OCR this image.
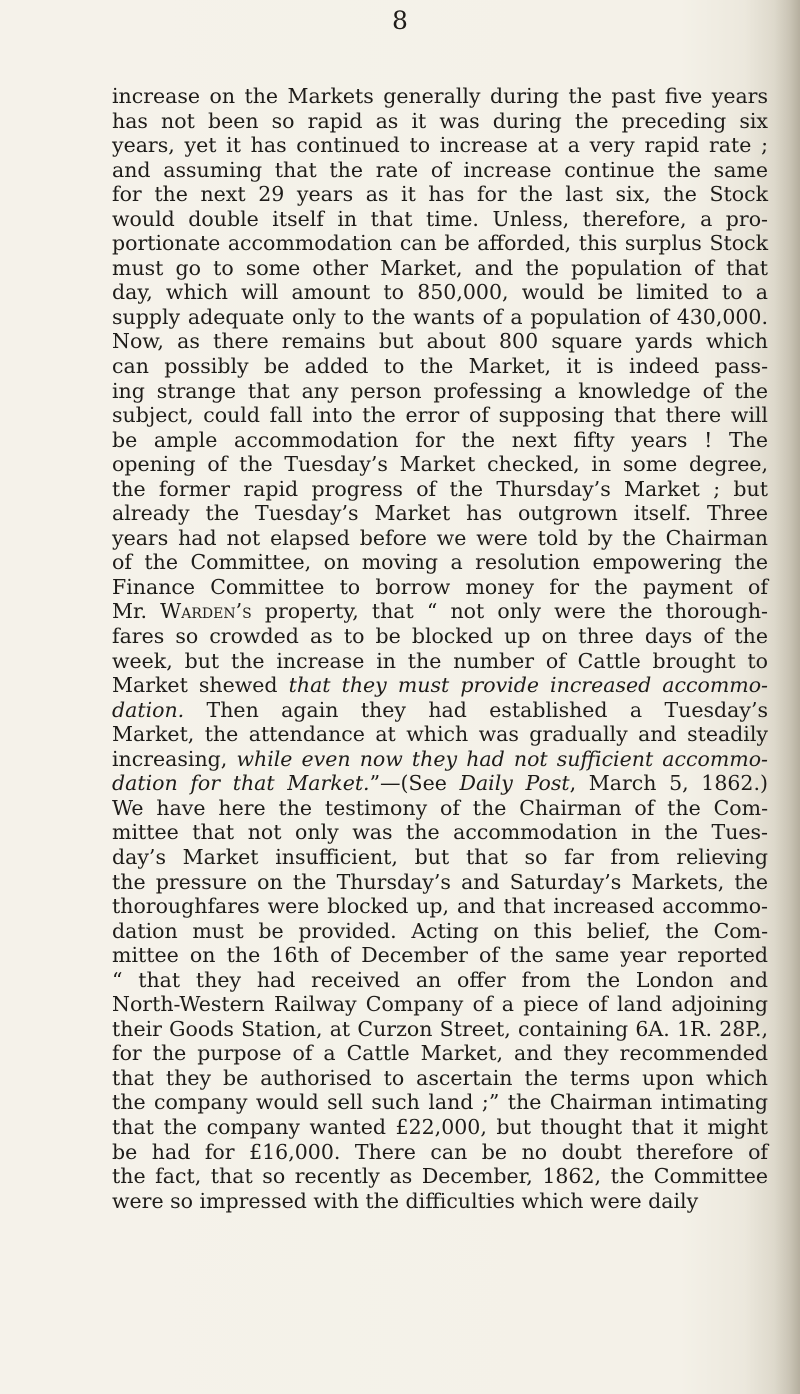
8
increase on the Markets generally during the past five years
has not been so rapid as it was during the preceding six
years, yet it has continued to increase at a very rapid rate ;
and assuming that the rate of increase continue the same
for the next 29 years as it has for the last six, the Stock
would double itself in that time. Unless, therefore, a pro-
portionate accommodation can be afforded, this surplus Stock
must go to some other Market, and the population of that
day, which will amount to 850,000, would be limited to a
supply adequate only to the wants of a population of 430,000.
Now, as there remains but about 800 square yards which
can possibly be added to the Market, it is indeed pass-
ing strange that any person professing a knowledge of the
subject, could fall into the error of supposing that there will
be ample accommodation for the next fifty years ! The
opening of the Tuesday’s Market checked, in some degree,
the former rapid progress of the Thursday’s Market ; but
already the Tuesday’s Market has outgrown itself. Three
years had not elapsed before we were told by the Chairman
of the Committee, on moving a resolution empowering the
Finance Committee to borrow money for the payment of
Mr. Warden’s property, that “ not only were the thorough-
fares so crowded as to be blocked up on three days of the
week, but the increase in the number of Cattle brought to
Market shewed that they must provide increased accommo-
dation. Then again they had established a Tuesday’s
Market, the attendance at which was gradually and steadily
increasing, while even now they had not sufficient accommo-
dation for that Market.”—(See Daily Post, March 5, 1862.)
We have here the testimony of the Chairman of the Com-
mittee that not only was the accommodation in the Tues-
day’s Market insufficient, but that so far from relieving
the pressure on the Thursday’s and Saturday’s Markets, the
thoroughfares were blocked up, and that increased accommo-
dation must be provided. Acting on this belief, the Com-
mittee on the 16th of December of the same year reported
“ that they had received an offer from the London and
North-Western Railway Company of a piece of land adjoining
their Goods Station, at Curzon Street, containing 6A. 1R. 28P.,
for the purpose of a Cattle Market, and they recommended
that they be authorised to ascertain the terms upon which
the company would sell such land ;” the Chairman intimating
that the company wanted £22,000, but thought that it might
be had for £16,000. There can be no doubt therefore of
the fact, that so recently as December, 1862, the Committee
were so impressed with the difficulties which were daily
